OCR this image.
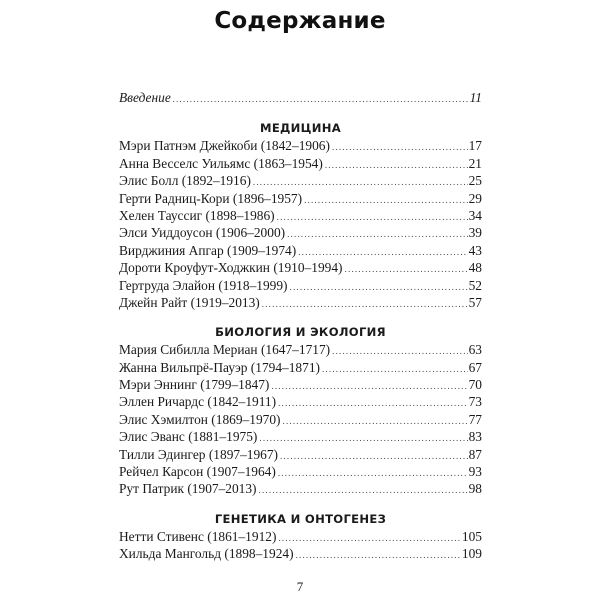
Содержание
Введение .....	11
МЕДИЦИНА
Мэри Патнэм Джейкоби (1842–1906) .....	17
Анна Весселс Уильямс (1863–1954) .....	21
Элис Болл (1892–1916) .....	25
Герти Радниц-Кори (1896–1957) .....	29
Хелен Тауссиг (1898–1986) .....	34
Элси Уиддоусон (1906–2000) .....	39
Вирджиния Апгар (1909–1974) .....	43
Дороти Кроуфут-Ходжкин (1910–1994) .....	48
Гертруда Элайон (1918–1999) .....	52
Джейн Райт (1919–2013) .....	57
БИОЛОГИЯ И ЭКОЛОГИЯ
Мария Сибилла Мериан (1647–1717) .....	63
Жанна Вильпрё-Пауэр (1794–1871) .....	67
Мэри Эннинг (1799–1847) .....	70
Эллен Ричардс (1842–1911) .....	73
Элис Хэмилтон (1869–1970) .....	77
Элис Эванс (1881–1975) .....	83
Тилли Эдингер (1897–1967) .....	87
Рейчел Карсон (1907–1964) .....	93
Рут Патрик (1907–2013) .....	98
ГЕНЕТИКА И ОНТОГЕНЕЗ
Нетти Стивенс (1861–1912) .....	105
Хильда Мангольд (1898–1924) .....	109
7
